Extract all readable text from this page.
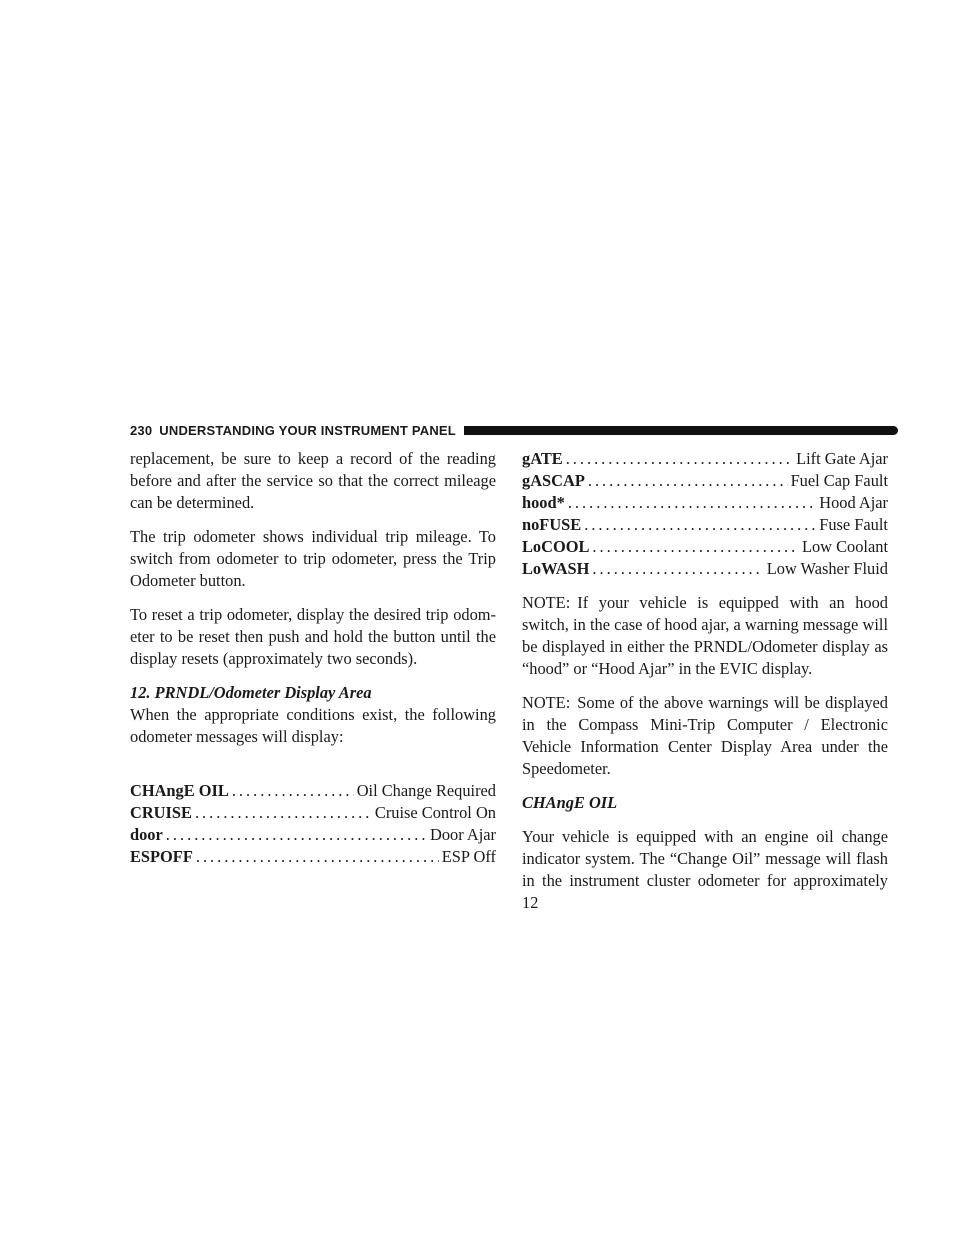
230 UNDERSTANDING YOUR INSTRUMENT PANEL

replacement, be sure to keep a record of the reading before and after the service so that the correct mileage can be determined.

The trip odometer shows individual trip mileage. To switch from odometer to trip odometer, press the Trip Odometer button.

To reset a trip odometer, display the desired trip odom-eter to be reset then push and hold the button until the display resets (approximately two seconds).

12. PRNDL/Odometer Display Area

When the appropriate conditions exist, the following odometer messages will display:

CHAngE OIL .....	Oil Change Required
CRUISE .....	Cruise Control On
door .....	Door Ajar
ESPOFF .....	ESP Off
gATE .....	Lift Gate Ajar
gASCAP .....	Fuel Cap Fault
hood* .....	Hood Ajar
noFUSE .....	Fuse Fault
LoCOOL .....	Low Coolant
LoWASH .....	Low Washer Fluid

NOTE: If your vehicle is equipped with an hood switch, in the case of hood ajar, a warning message will be displayed in either the PRNDL/Odometer display as “hood” or “Hood Ajar” in the EVIC display.

NOTE: Some of the above warnings will be displayed in the Compass Mini-Trip Computer / Electronic Vehicle Information Center Display Area under the Speedometer.

CHAngE OIL

Your vehicle is equipped with an engine oil change indicator system. The “Change Oil” message will flash in the instrument cluster odometer for approximately 12
